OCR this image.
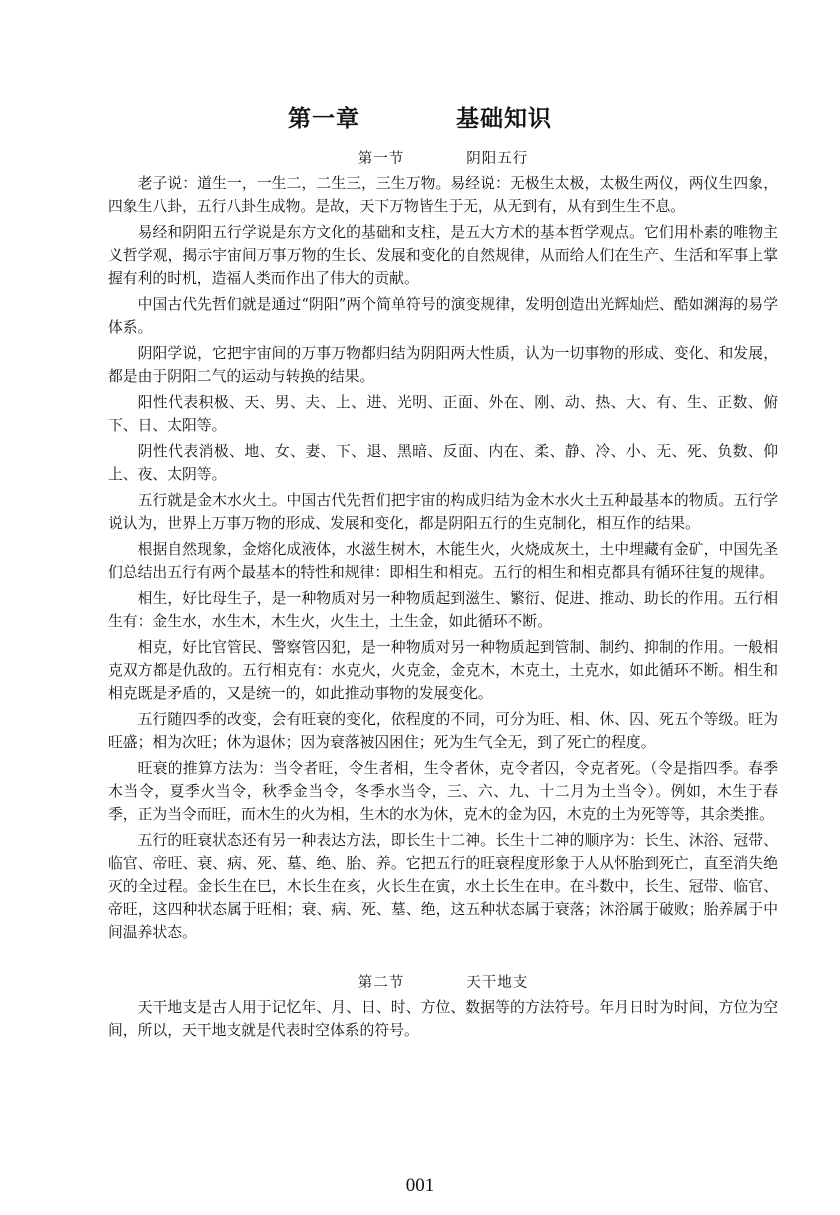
第一章　　　　基础知识
第一节　　　　阴阳五行

老子说：道生一，一生二，二生三，三生万物。易经说：无极生太极，太极生两仪，两仪生四象，四象生八卦，五行八卦生成物。是故，天下万物皆生于无，从无到有，从有到生生不息。

易经和阴阳五行学说是东方文化的基础和支柱，是五大方术的基本哲学观点。它们用朴素的唯物主义哲学观，揭示宇宙间万事万物的生长、发展和变化的自然规律，从而给人们在生产、生活和军事上掌握有利的时机，造福人类而作出了伟大的贡献。

中国古代先哲们就是通过“阴阳”两个简单符号的演变规律，发明创造出光辉灿烂、酷如渊海的易学体系。

阴阳学说，它把宇宙间的万事万物都归结为阴阳两大性质，认为一切事物的形成、变化、和发展，都是由于阴阳二气的运动与转换的结果。

阳性代表积极、天、男、夫、上、进、光明、正面、外在、刚、动、热、大、有、生、正数、俯下、日、太阳等。

阴性代表消极、地、女、妻、下、退、黑暗、反面、内在、柔、静、冷、小、无、死、负数、仰上、夜、太阴等。

五行就是金木水火土。中国古代先哲们把宇宙的构成归结为金木水火土五种最基本的物质。五行学说认为，世界上万事万物的形成、发展和变化，都是阴阳五行的生克制化，相互作的结果。

根据自然现象，金熔化成液体，水滋生树木，木能生火，火烧成灰土，土中埋藏有金矿，中国先圣们总结出五行有两个最基本的特性和规律：即相生和相克。五行的相生和相克都具有循环往复的规律。

相生，好比母生子，是一种物质对另一种物质起到滋生、繁衍、促进、推动、助长的作用。五行相生有：金生水，水生木，木生火，火生土，土生金，如此循环不断。

相克，好比官管民、警察管囚犯，是一种物质对另一种物质起到管制、制约、抑制的作用。一般相克双方都是仇敌的。五行相克有：水克火，火克金，金克木，木克土，土克水，如此循环不断。相生和相克既是矛盾的，又是统一的，如此推动事物的发展变化。

五行随四季的改变，会有旺衰的变化，依程度的不同，可分为旺、相、休、囚、死五个等级。旺为旺盛；相为次旺；休为退休；因为衰落被囚困住；死为生气全无，到了死亡的程度。

旺衰的推算方法为：当令者旺，令生者相，生令者休，克令者囚，令克者死。（令是指四季。春季木当令，夏季火当令，秋季金当令，冬季水当令，三、六、九、十二月为土当令）。例如，木生于春季，正为当令而旺，而木生的火为相，生木的水为休，克木的金为囚，木克的土为死等等，其余类推。

五行的旺衰状态还有另一种表达方法，即长生十二神。长生十二神的顺序为：长生、沐浴、冠带、临官、帝旺、衰、病、死、墓、绝、胎、养。它把五行的旺衰程度形象于人从怀胎到死亡，直至消失绝灭的全过程。金长生在巳，木长生在亥，火长生在寅，水土长生在申。在斗数中，长生、冠带、临官、帝旺，这四种状态属于旺相；衰、病、死、墓、绝，这五种状态属于衰落；沐浴属于破败；胎养属于中间温养状态。

第二节　　　　天干地支

天干地支是古人用于记忆年、月、日、时、方位、数据等的方法符号。年月日时为时间，方位为空间，所以，天干地支就是代表时空体系的符号。

001
